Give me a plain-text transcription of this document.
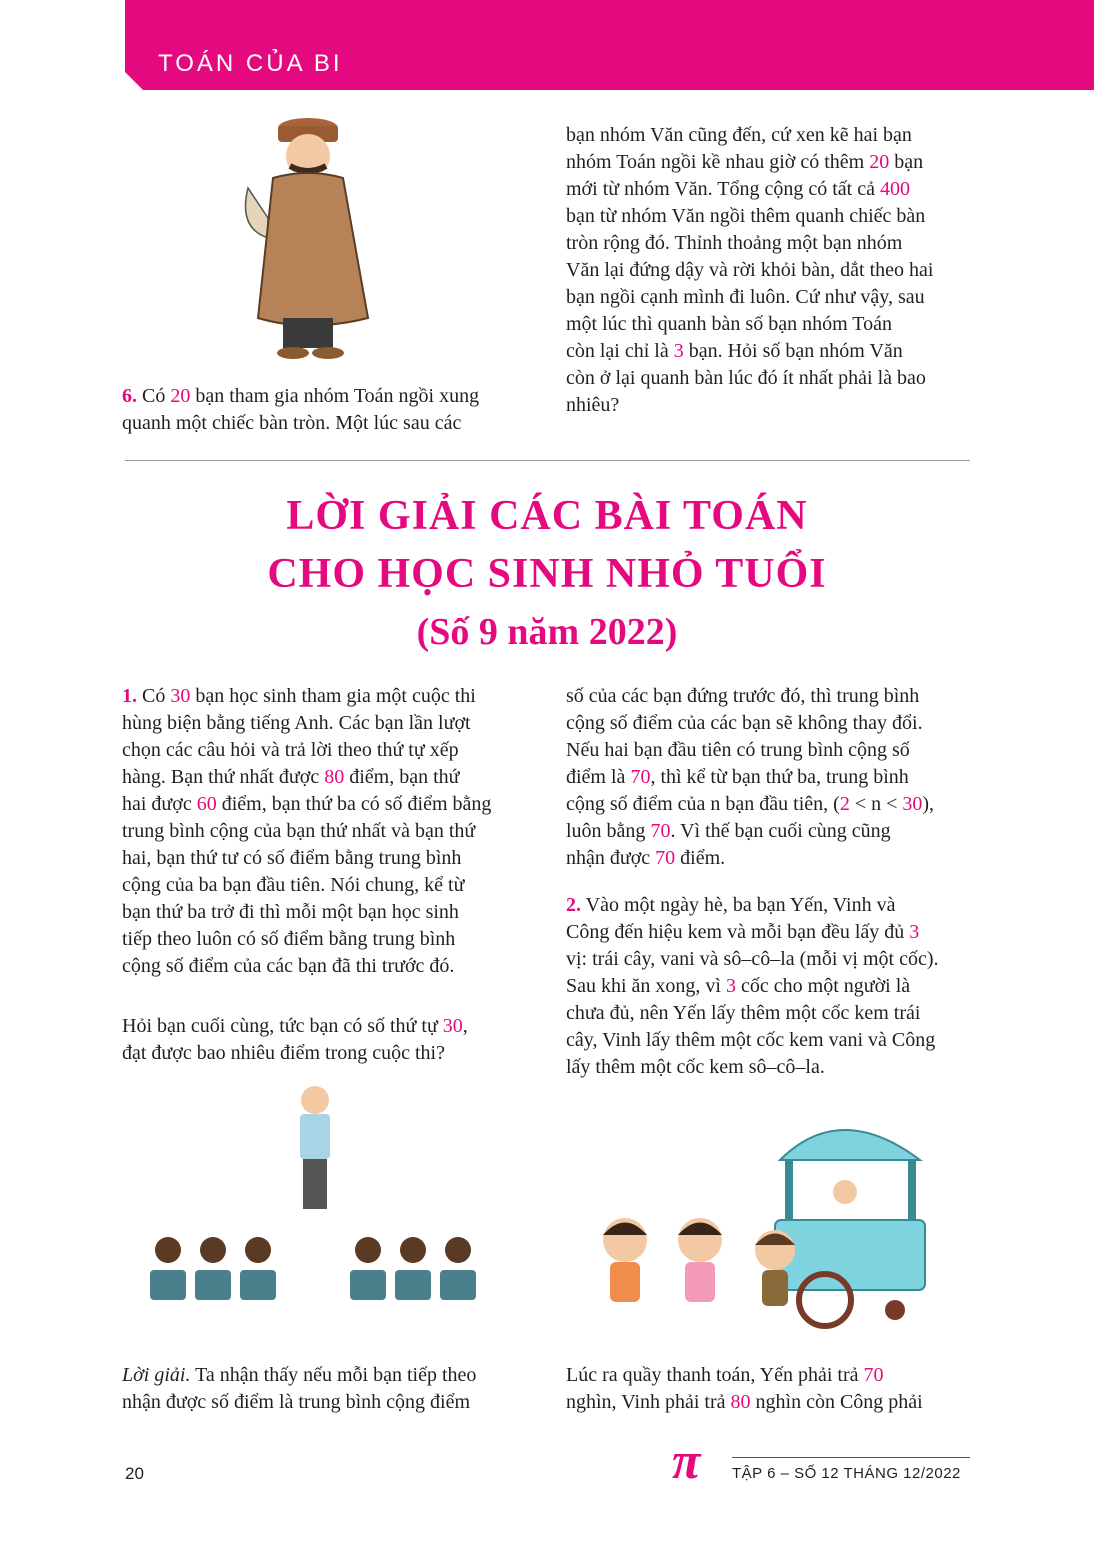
TOÁN CỦA BI

6. Có 20 bạn tham gia nhóm Toán ngồi xung
quanh một chiếc bàn tròn. Một lúc sau các

bạn nhóm Văn cũng đến, cứ xen kẽ hai bạn
nhóm Toán ngồi kề nhau giờ có thêm 20 bạn
mới từ nhóm Văn. Tổng cộng có tất cả 400
bạn từ nhóm Văn ngồi thêm quanh chiếc bàn
tròn rộng đó. Thỉnh thoảng một bạn nhóm
Văn lại đứng dậy và rời khỏi bàn, dắt theo hai
bạn ngồi cạnh mình đi luôn. Cứ như vậy, sau
một lúc thì quanh bàn số bạn nhóm Toán
còn lại chỉ là 3 bạn. Hỏi số bạn nhóm Văn
còn ở lại quanh bàn lúc đó ít nhất phải là bao
nhiêu?

LỜI GIẢI CÁC BÀI TOÁN
CHO HỌC SINH NHỎ TUỔI
(Số 9 năm 2022)

1. Có 30 bạn học sinh tham gia một cuộc thi
hùng biện bằng tiếng Anh. Các bạn lần lượt
chọn các câu hỏi và trả lời theo thứ tự xếp
hàng. Bạn thứ nhất được 80 điểm, bạn thứ
hai được 60 điểm, bạn thứ ba có số điểm bằng
trung bình cộng của bạn thứ nhất và bạn thứ
hai, bạn thứ tư có số điểm bằng trung bình
cộng của ba bạn đầu tiên. Nói chung, kể từ
bạn thứ ba trở đi thì mỗi một bạn học sinh
tiếp theo luôn có số điểm bằng trung bình
cộng số điểm của các bạn đã thi trước đó.

Hỏi bạn cuối cùng, tức bạn có số thứ tự 30,
đạt được bao nhiêu điểm trong cuộc thi?

Lời giải. Ta nhận thấy nếu mỗi bạn tiếp theo
nhận được số điểm là trung bình cộng điểm

số của các bạn đứng trước đó, thì trung bình
cộng số điểm của các bạn sẽ không thay đổi.
Nếu hai bạn đầu tiên có trung bình cộng số
điểm là 70, thì kể từ bạn thứ ba, trung bình
cộng số điểm của n bạn đầu tiên, (2 < n < 30),
luôn bằng 70. Vì thế bạn cuối cùng cũng
nhận được 70 điểm.

2. Vào một ngày hè, ba bạn Yến, Vinh và
Công đến hiệu kem và mỗi bạn đều lấy đủ 3
vị: trái cây, vani và sô–cô–la (mỗi vị một cốc).
Sau khi ăn xong, vì 3 cốc cho một người là
chưa đủ, nên Yến lấy thêm một cốc kem trái
cây, Vinh lấy thêm một cốc kem vani và Công
lấy thêm một cốc kem sô–cô–la.

Lúc ra quầy thanh toán, Yến phải trả 70
nghìn, Vinh phải trả 80 nghìn còn Công phải

20	π TẬP 6 – SỐ 12 THÁNG 12/2022
